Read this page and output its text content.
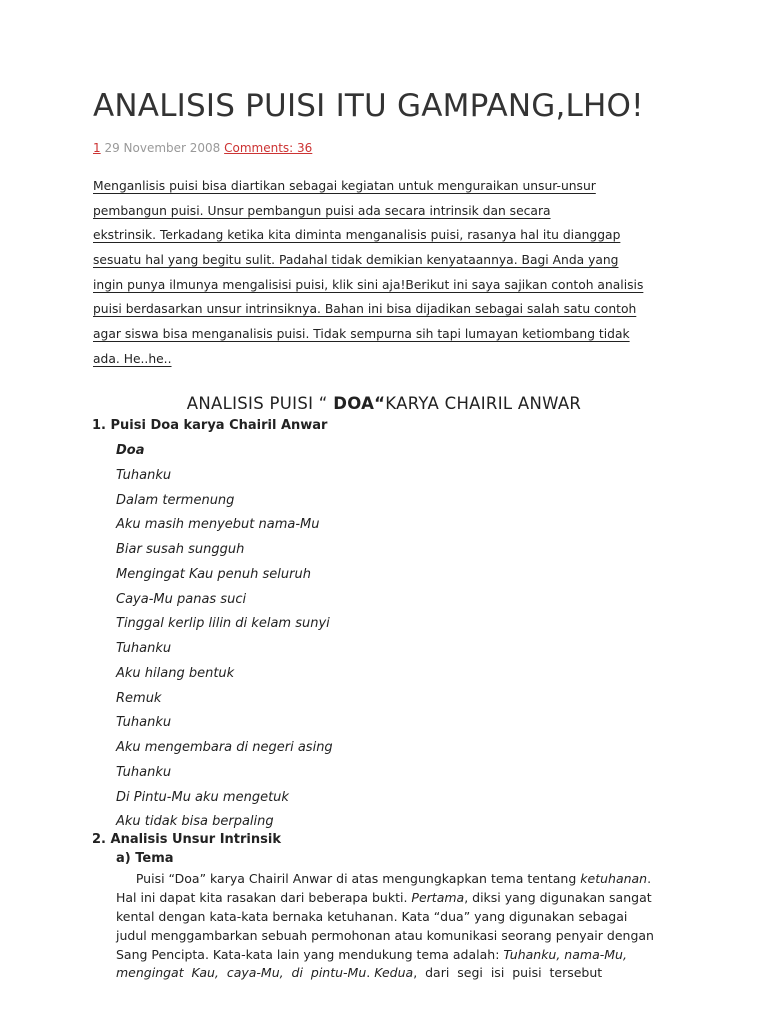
ANALISIS PUISI ITU GAMPANG,LHO!
1 29 November 2008 Comments: 36
Menganlisis puisi bisa diartikan sebagai kegiatan untuk menguraikan unsur-unsur
pembangun puisi. Unsur pembangun puisi ada secara intrinsik dan secara
ekstrinsik. Terkadang ketika kita diminta menganalisis puisi, rasanya hal itu dianggap
sesuatu hal yang begitu sulit. Padahal tidak demikian kenyataannya. Bagi Anda yang
ingin punya ilmunya mengalisisi puisi, klik sini aja!Berikut ini saya sajikan contoh analisis
puisi berdasarkan unsur intrinsiknya. Bahan ini bisa dijadikan sebagai salah satu contoh
agar siswa bisa menganalisis puisi. Tidak sempurna sih tapi lumayan ketiombang tidak
ada. He..he..
ANALISIS PUISI “ DOA“KARYA CHAIRIL ANWAR
1. Puisi Doa karya Chairil Anwar
Doa
Tuhanku
Dalam termenung
Aku masih menyebut nama-Mu
Biar susah sungguh
Mengingat Kau penuh seluruh
Caya-Mu panas suci
Tinggal kerlip lilin di kelam sunyi
Tuhanku
Aku hilang bentuk
Remuk
Tuhanku
Aku mengembara di negeri asing
Tuhanku
Di Pintu-Mu aku mengetuk
Aku tidak bisa berpaling
2. Analisis Unsur Intrinsik
a) Tema
Puisi “Doa” karya Chairil Anwar di atas mengungkapkan tema tentang ketuhanan .
Hal ini dapat kita rasakan dari beberapa bukti. Pertama , diksi yang digunakan sangat
kental dengan kata-kata bernaka ketuhanan. Kata “dua” yang digunakan sebagai
judul menggambarkan sebuah permohonan atau komunikasi seorang penyair dengan
Sang Pencipta. Kata-kata lain yang mendukung tema adalah: Tuhanku, nama-Mu,
mengingat  Kau,  caya-Mu,  di  pintu-Mu . Kedua ,  dari  segi  isi  puisi  tersebut
